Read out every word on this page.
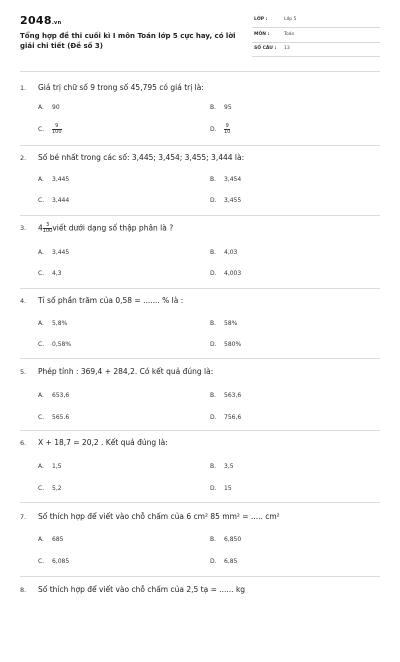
2048.vn
Tổng hợp đề thi cuối kì I môn Toán lớp 5 cực hay, có lời giải chi tiết (Đề số 3)
LỚP :	Lớp 5
MÔN :	Toán
SỐ CÂU : 13
1. Giá trị chữ số 9 trong số 45,795 có giá trị là:
A. 90	B. 95
C. $\frac{9}{100}$	D. $\frac{9}{10}$
2. Số bé nhất trong các số: 3,445; 3,454; 3,455; 3,444 là:
A. 3,445	B. 3,454
C. 3,444	D. 3,455
3. $4 \frac{3}{100}$ viết dưới dạng số thập phân là ?
A. 3,445	B. 4,03
C. 4,3	D. 4,003
4. Tỉ số phần trăm của 0,58 = ....... % là :
A. 5,8%	B. 58%
C. 0,58%	D. 580%
5. Phép tính : 369,4 + 284,2. Có kết quả đúng là:
A. 653,6	B. 563,6
C. 565.6	D. 756,6
6. X + 18,7 = 20,2 . Kết quả đúng là:
A. 1,5	B. 3,5
C. 5,2	D. 15
7. Số thích hợp để viết vào chỗ chấm của 6 cm² 85 mm² = ..... cm²
A. 685	B. 6,850
C. 6,085	D. 6,85
8. Số thích hợp để viết vào chỗ chấm của 2,5 tạ = ...... kg
